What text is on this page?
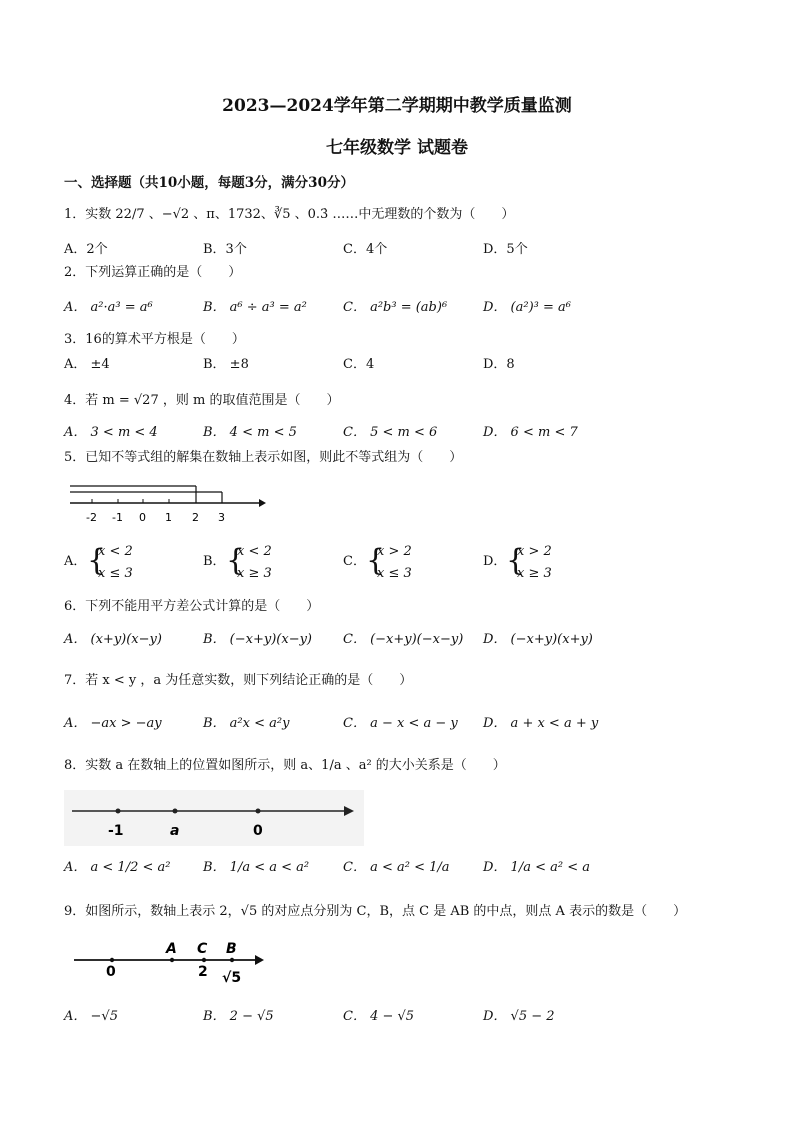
2023—2024学年第二学期期中教学质量监测
七年级数学 试题卷
一、选择题（共10小题，每题3分，满分30分）
1．实数 22/7 、−√2 、π、1732、∛5 、0.3̇ ……中无理数的个数为（　　）
A．2个	B．3个	C．4个	D．5个
2．下列运算正确的是（　　）
A． a²·a³ = a⁶	B． a⁶ ÷ a³ = a²	C． a²b³ = (ab)⁶	D． (a²)³ = a⁶
3．16的算术平方根是（　　）
A． ±4	B． ±8	C．4	D．8
4．若 m = √27 ，则 m 的取值范围是（　　）
A． 3 < m < 4	B． 4 < m < 5	C． 5 < m < 6	D． 6 < m < 7
5．已知不等式组的解集在数轴上表示如图，则此不等式组为（　　）
-2 -1 0 1 2 3
A． {
x < 2
x ≤ 3
B． {
x < 2
x ≥ 3
C． {
x > 2
x ≤ 3
D． {
x > 2
x ≥ 3
6．下列不能用平方差公式计算的是（　　）
A． (x+y)(x−y)	B． (−x+y)(x−y) C． (−x+y)(−x−y) D． (−x+y)(x+y)
7．若 x < y ，a 为任意实数，则下列结论正确的是（　　）
A． −ax > −ay	B． a²x < a²y	C． a − x < a − y D． a + x < a + y
8．实数 a 在数轴上的位置如图所示，则 a、1/a 、a² 的大小关系是（　　）
-1	a	0
A． a < 1/2 < a²	B． 1/a < a < a²	C． a < a² < 1/a	D． 1/a < a² < a
9．如图所示，数轴上表示 2，√5 的对应点分别为 C，B，点 C 是 AB 的中点，则点 A 表示的数是（　　）
A C B
0	2 √5
A． −√5	B． 2 − √5	C． 4 − √5	D． √5 − 2
